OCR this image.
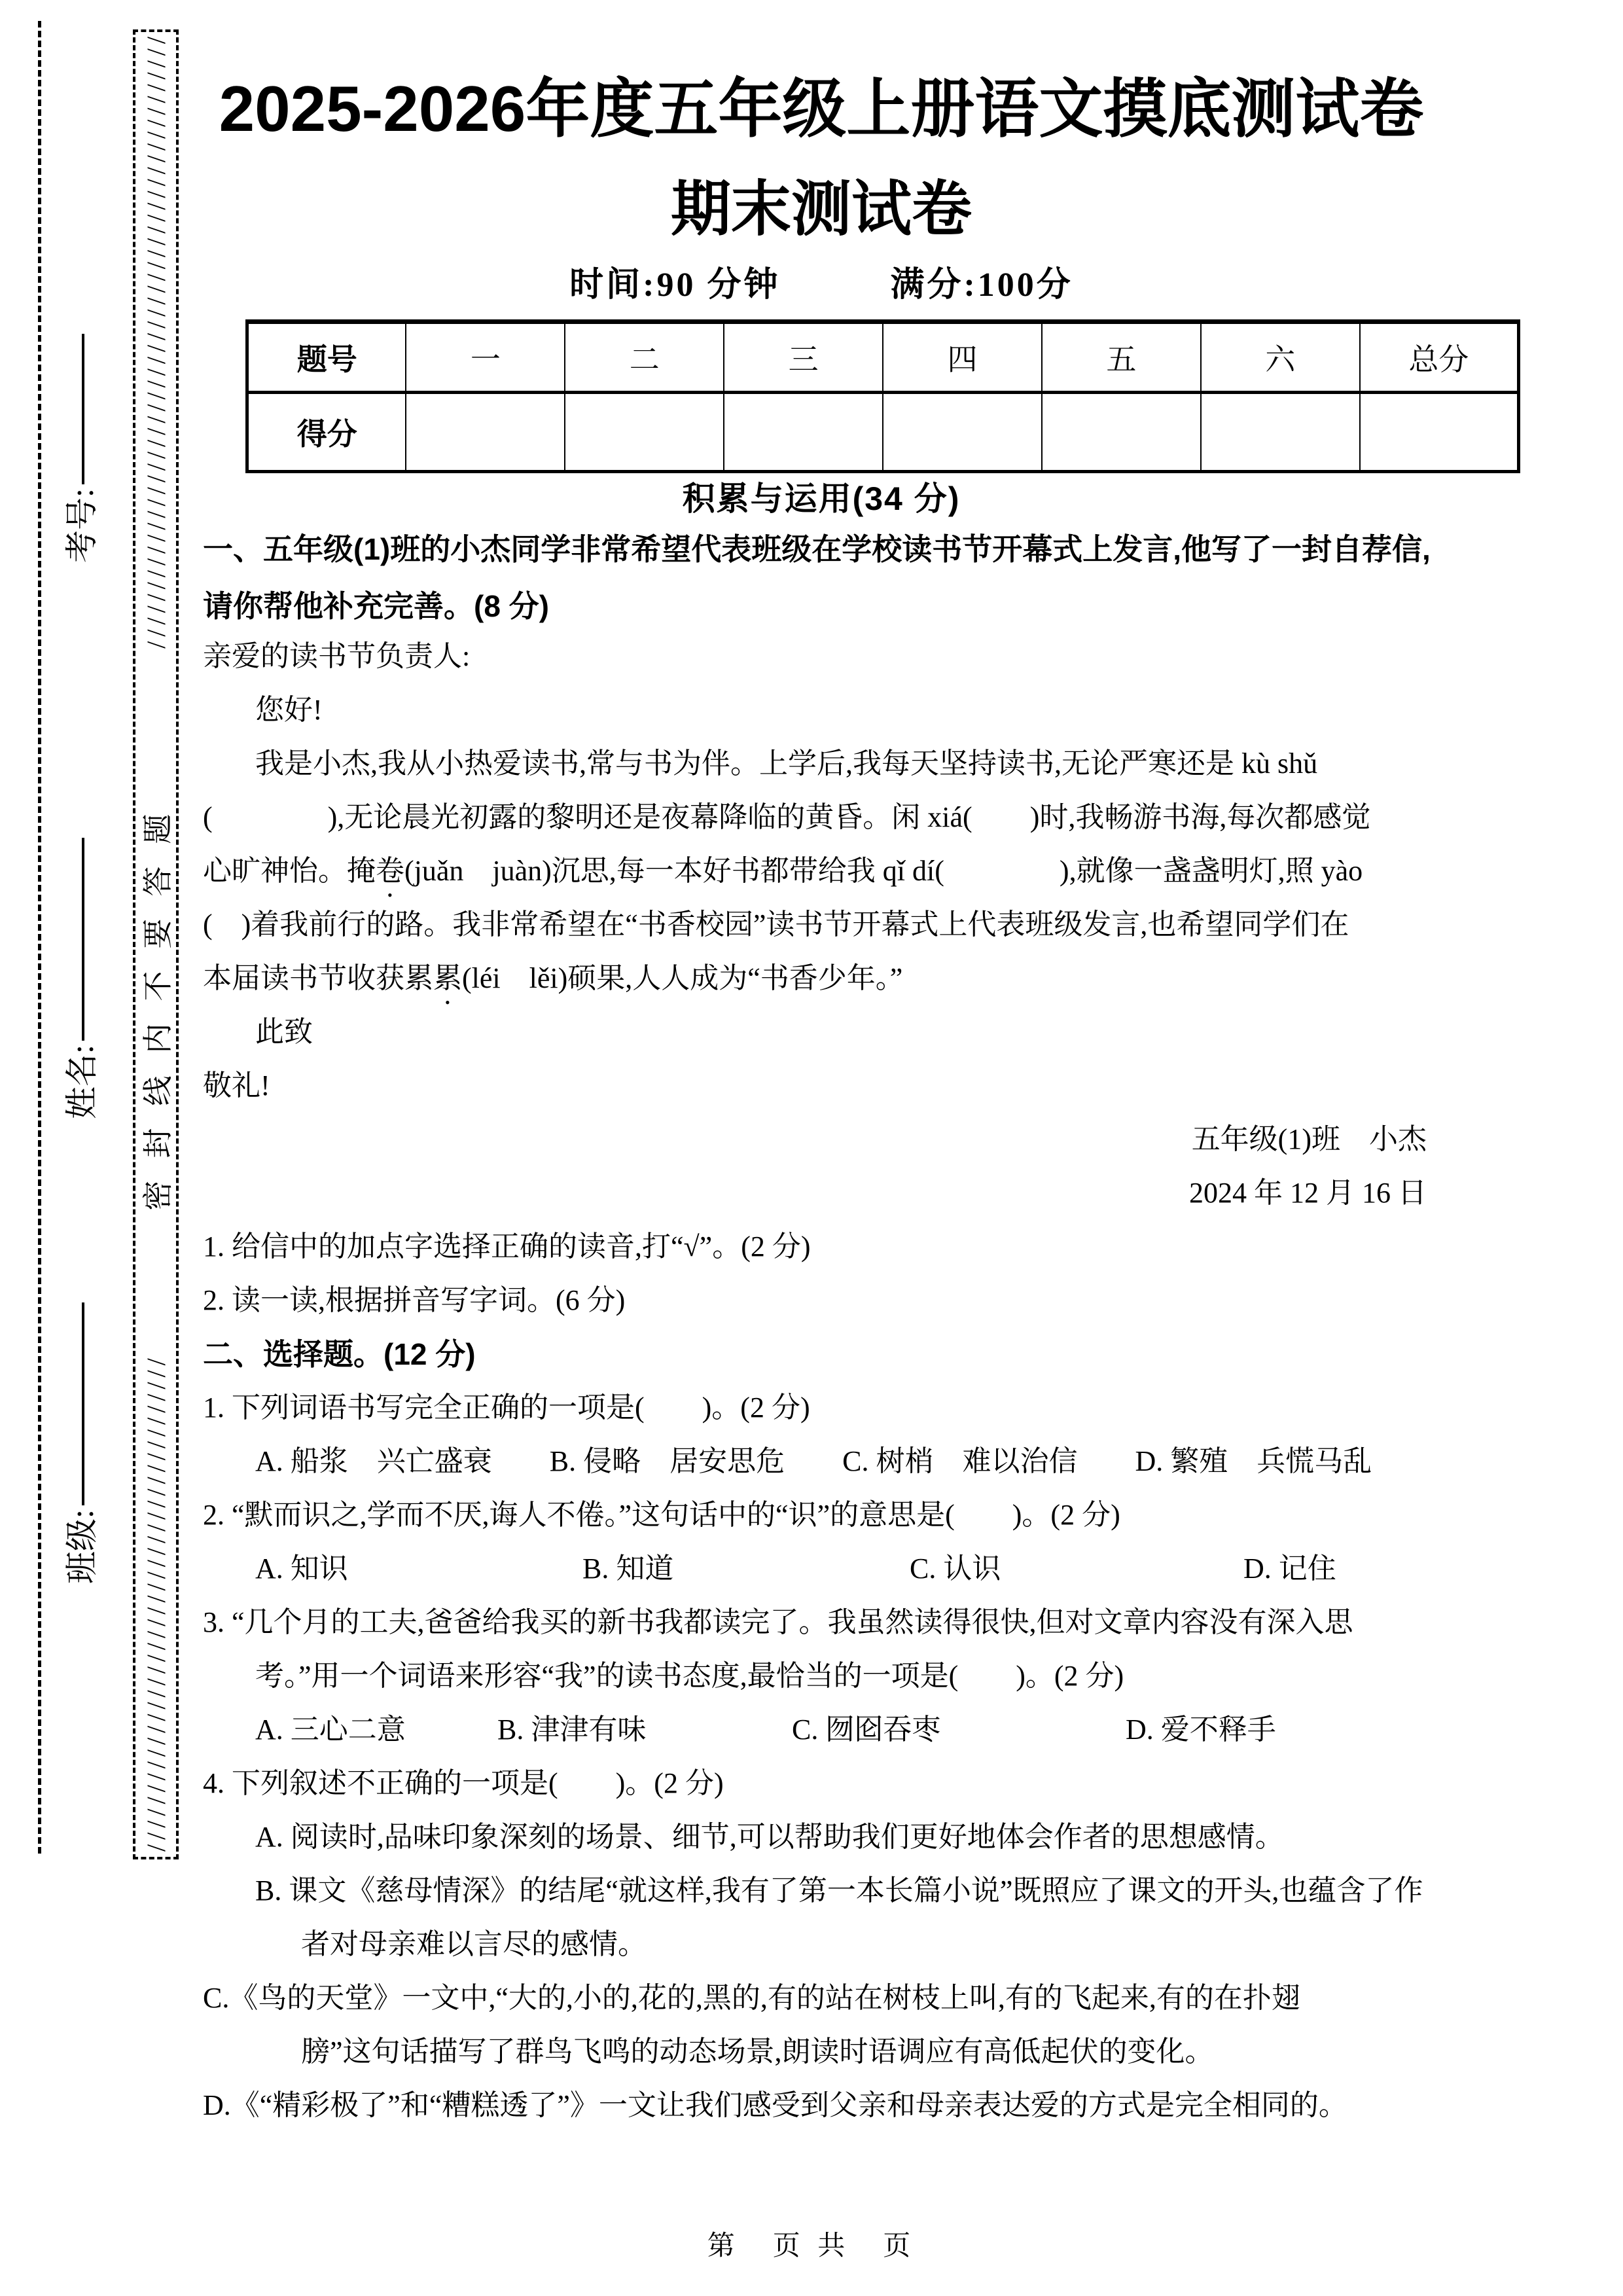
//////////////////////////////////////////
密封线内不要答题
////////////////////////////////////////////////////
考号:
姓名:
班级:
2025-2026年度五年级上册语文摸底测试卷
期末测试卷
时间:90 分钟　　　满分:100分
题号	一	二	三	四	五	六	总分
得分							
积累与运用(34 分)
一、五年级(1)班的小杰同学非常希望代表班级在学校读书节开幕式上发言,他写了一封自荐信,
请你帮他补充完善。(8 分)
亲爱的读书节负责人:
您好!
我是小杰,我从小热爱读书,常与书为伴。上学后,我每天坚持读书,无论严寒还是 kù shǔ
(　　　　),无论晨光初露的黎明还是夜幕降临的黄昏。闲 xiá(　　)时,我畅游书海,每次都感觉
心旷神怡。掩卷(juǎn　juàn)沉思,每一本好书都带给我 qǐ dí(　　　　),就像一盏盏明灯,照 yào
(　)着我前行的路。我非常希望在“书香校园”读书节开幕式上代表班级发言,也希望同学们在
本届读书节收获累累(léi　lěi)硕果,人人成为“书香少年。”
此致
敬礼!
五年级(1)班　小杰
2024 年 12 月 16 日
1. 给信中的加点字选择正确的读音,打“√”。(2 分)
2. 读一读,根据拼音写字词。(6 分)
二、选择题。(12 分)
1. 下列词语书写完全正确的一项是(　　)。(2 分)
A. 船浆　兴亡盛衰　　B. 侵略　居安思危　　C. 树梢　难以治信　　D. 繁殖　兵慌马乱
2. “默而识之,学而不厌,诲人不倦。”这句话中的“识”的意思是(　　)。(2 分)
A. 知识	B. 知道	C. 认识	D. 记住
3. “几个月的工夫,爸爸给我买的新书我都读完了。我虽然读得很快,但对文章内容没有深入思
考。”用一个词语来形容“我”的读书态度,最恰当的一项是(　　)。(2 分)
A. 三心二意	B. 津津有味	C. 囫囵吞枣	D. 爱不释手
4. 下列叙述不正确的一项是(　　)。(2 分)
A. 阅读时,品味印象深刻的场景、细节,可以帮助我们更好地体会作者的思想感情。
B. 课文《慈母情深》的结尾“就这样,我有了第一本长篇小说”既照应了课文的开头,也蕴含了作
者对母亲难以言尽的感情。
C.《鸟的天堂》一文中,“大的,小的,花的,黑的,有的站在树枝上叫,有的飞起来,有的在扑翅
膀”这句话描写了群鸟飞鸣的动态场景,朗读时语调应有高低起伏的变化。
D.《“精彩极了”和“糟糕透了”》一文让我们感受到父亲和母亲表达爱的方式是完全相同的。
第　页 共　页
